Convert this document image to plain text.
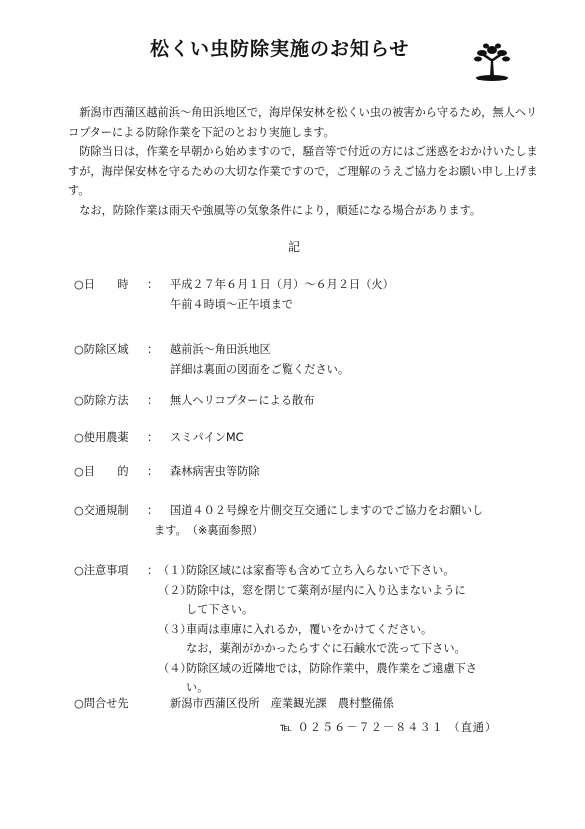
松くい虫防除実施のお知らせ

　新潟市西蒲区越前浜～角田浜地区で，海岸保安林を松くい虫の被害から守るため，無人ヘリコプターによる防除作業を下記のとおり実施します。

　防除当日は，作業を早朝から始めますので，騒音等で付近の方にはご迷惑をおかけいたしますが，海岸保安林を守るための大切な作業ですので，ご理解のうえご協力をお願い申し上げます。

　なお，防除作業は雨天や強風等の気象条件により，順延になる場合があります。

記
○日　　時	： 平成２７年６月１日（月）～６月２日（火）
午前４時頃～正午頃まで
○防除区域	： 越前浜～角田浜地区
詳細は裏面の図面をご覧ください。
○防除方法	： 無人ヘリコプターによる散布
○使用農薬	： スミパインMC
○目　　的	： 森林病害虫等防除
○交通規制	： 国道４０２号線を片側交互交通にしますのでご協力をお願いし
ます。　（※裏面参照）
○注意事項	： （１）
防除区域には家畜等も含めて立ち入らないで下さい。
（２）
防除中は，窓を閉じて薬剤が屋内に入り込まないように
して下さい。
（３）
車両は車庫に入れるか，覆いをかけてください。
なお，薬剤がかかったらすぐに石鹸水で洗って下さい。
（４）
防除区域の近隣地では，防除作業中，農作業をご遠慮下さ
い。
○問合せ先	新潟市西蒲区役所　産業観光課　農村整備係
℡ ０２５６－７２－８４３１ （直通）
